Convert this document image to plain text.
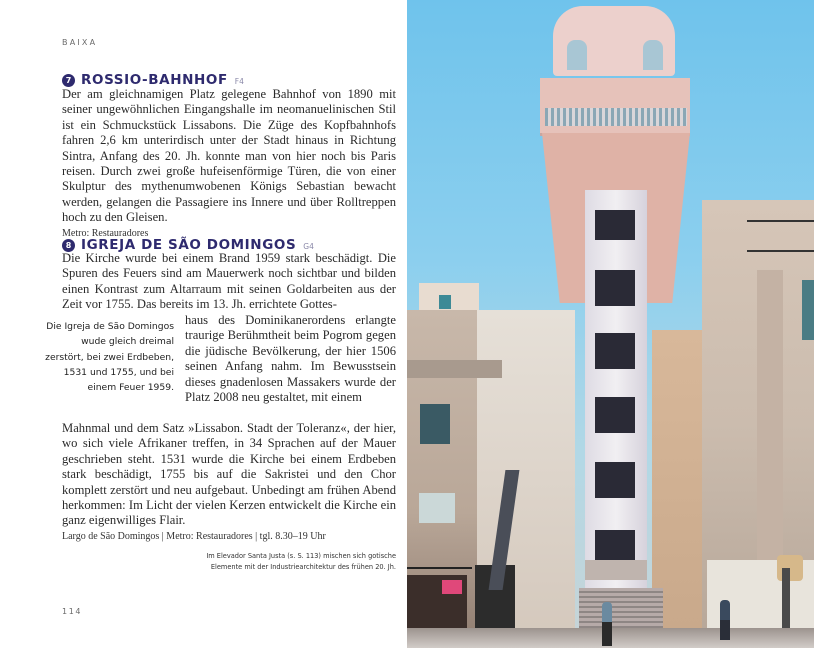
BAIXA
7 ROSSIO-BAHNHOF F4

Der am gleichnamigen Platz gelegene Bahnhof von 1890 mit seiner ungewöhnlichen Eingangshalle im neomanuelinischen Stil ist ein Schmuckstück Lissabons. Die Züge des Kopfbahnhofs fahren 2,6 km unterirdisch unter der Stadt hinaus in Richtung Sintra, Anfang des 20. Jh. konnte man von hier noch bis Paris reisen. Durch zwei große hufeisenförmige Türen, die von einer Skulptur des mythenumwobenen Königs Sebastian bewacht werden, gelangen die Passagiere ins Innere und über Rolltreppen hoch zu den Gleisen.

Metro: Restauradores
8 IGREJA DE SÃO DOMINGOS G4

Die Kirche wurde bei einem Brand 1959 stark beschädigt. Die Spuren des Feuers sind am Mauerwerk noch sichtbar und bilden einen Kontrast zum Altarraum mit seinen Goldarbeiten aus der Zeit vor 1755. Das bereits im 13. Jh. errichtete Gottes-

haus des Dominikanerordens erlangte traurige Berühmtheit beim Pogrom gegen die jüdische Bevölkerung, der hier 1506 seinen Anfang nahm. Im Bewusstsein dieses gnadenlosen Massakers wurde der Platz 2008 neu gestaltet, mit einem

Die Igreja de São Domingos wude gleich dreimal zerstört, bei zwei Erdbeben, 1531 und 1755, und bei einem Feuer 1959.

Mahnmal und dem Satz »Lissabon. Stadt der Toleranz«, der hier, wo sich viele Afrikaner treffen, in 34 Sprachen auf der Mauer geschrieben steht. 1531 wurde die Kirche bei einem Erdbeben stark beschädigt, 1755 bis auf die Sakristei und den Chor komplett zerstört und neu aufgebaut. Unbedingt am frühen Abend herkommen: Im Licht der vielen Kerzen entwickelt die Kirche ein ganz eigenwilliges Flair.

Largo de São Domingos | Metro: Restauradores | tgl. 8.30–19 Uhr
Im Elevador Santa Justa (s. S. 113) mischen sich gotische Elemente mit der Industriearchitektur des frühen 20. Jh.
114
